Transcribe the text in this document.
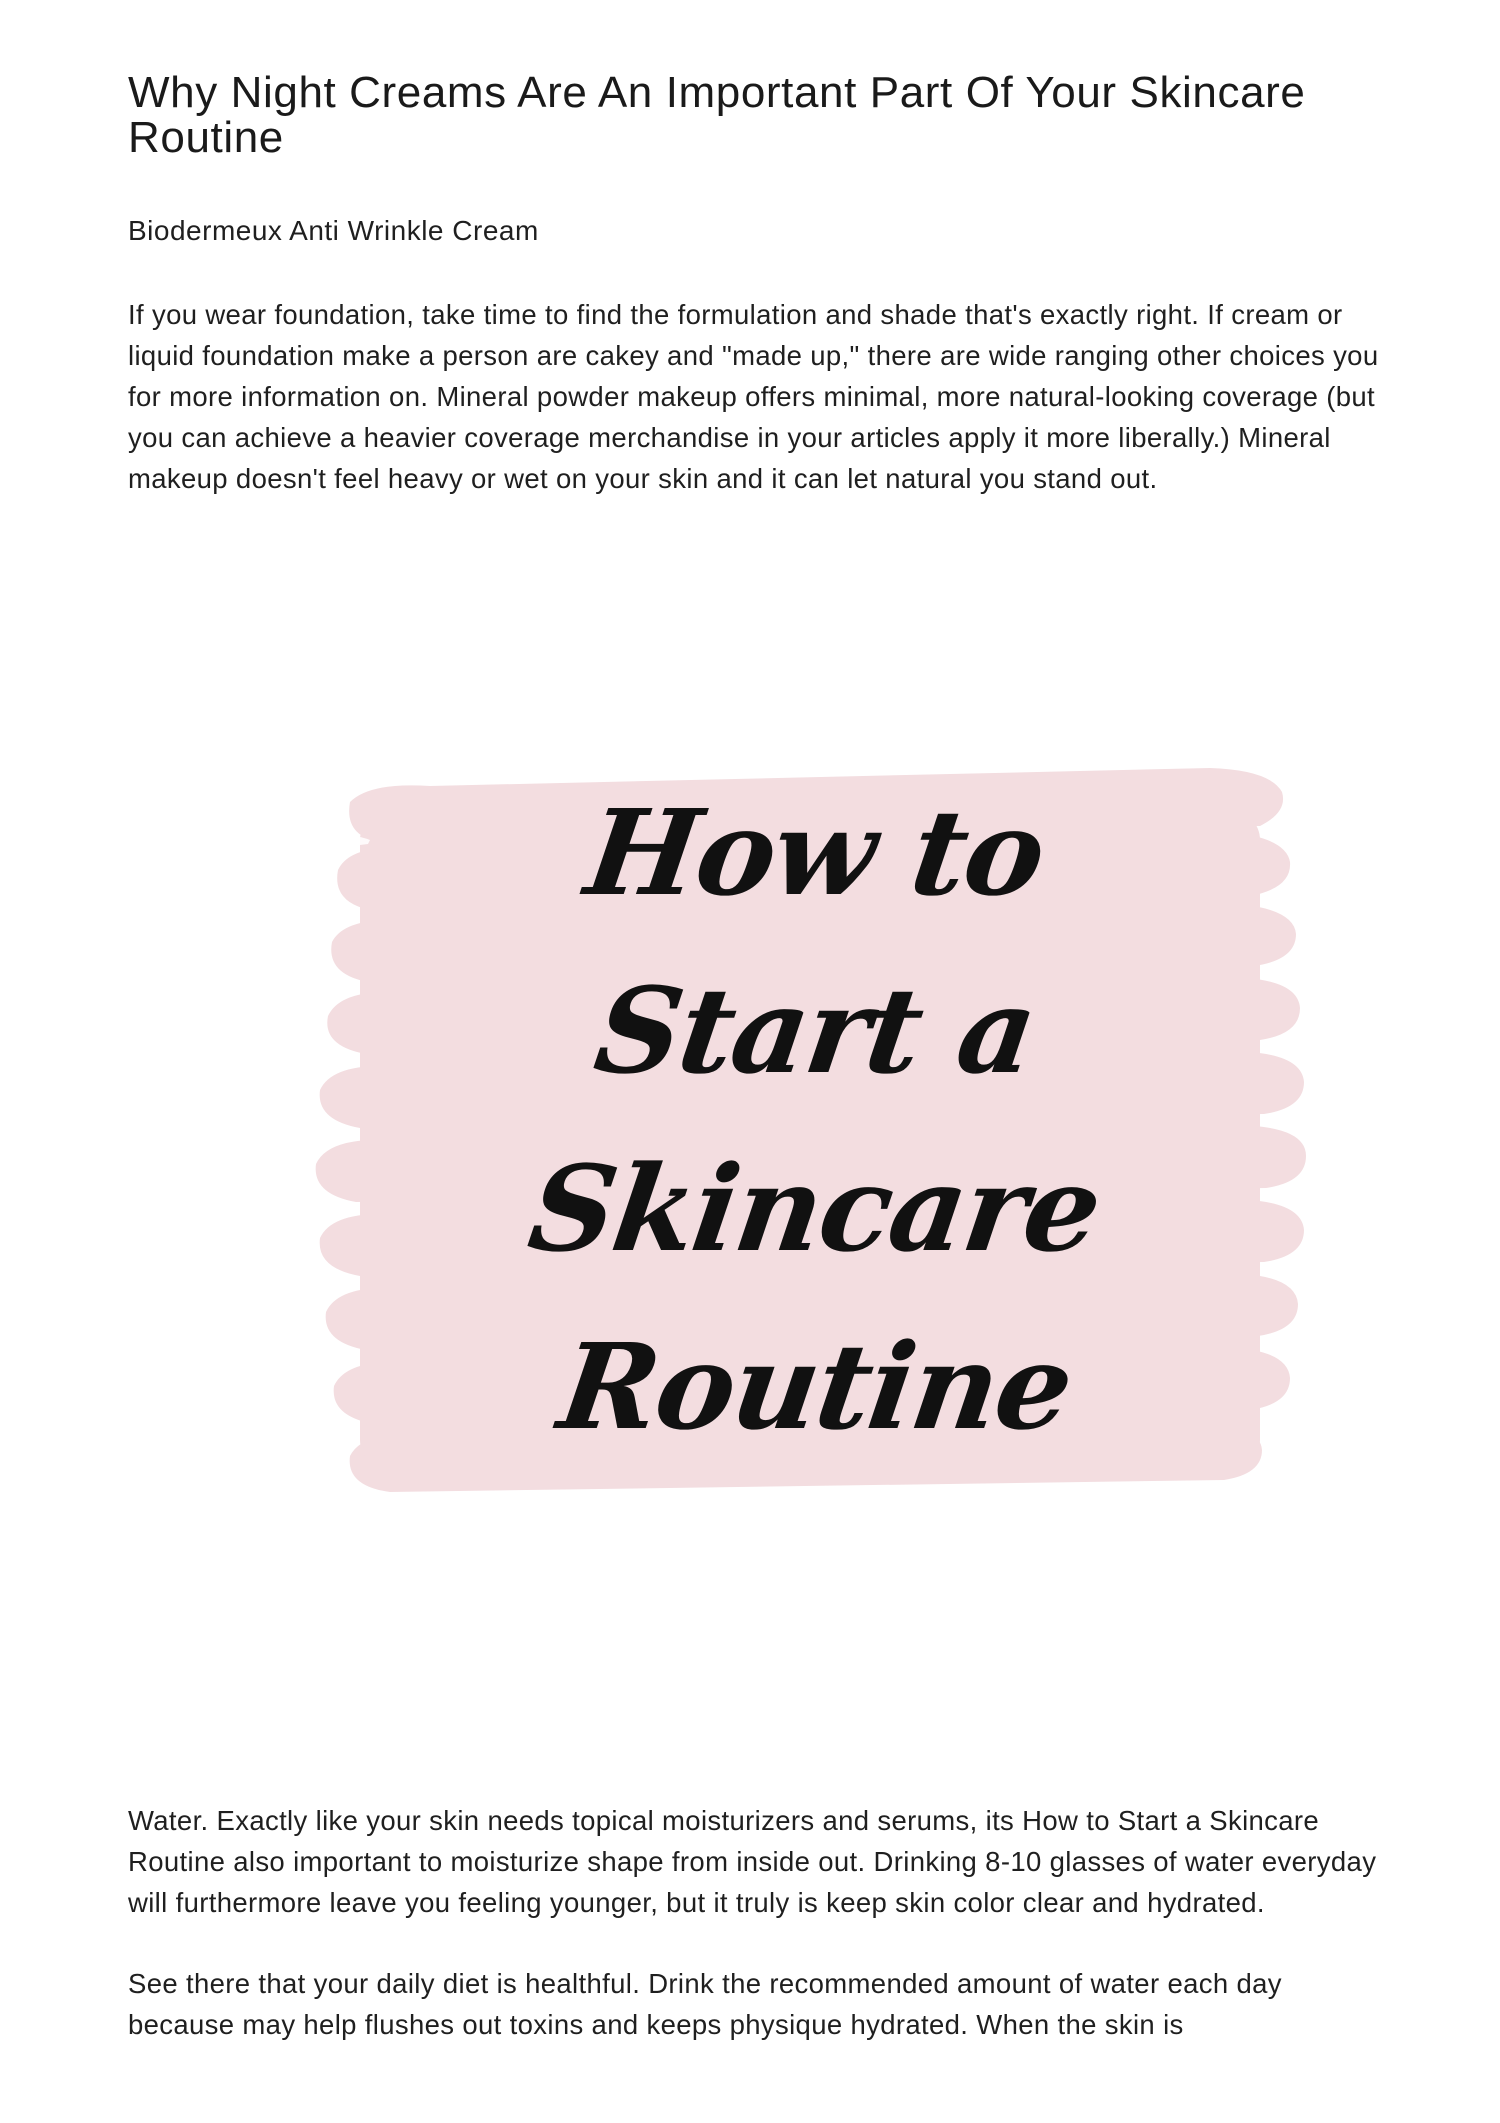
Why Night Creams Are An Important Part Of Your Skincare Routine

Biodermeux Anti Wrinkle Cream

If you wear foundation, take time to find the formulation and shade that's exactly right. If cream or liquid foundation make a person are cakey and "made up," there are wide ranging other choices you for more information on. Mineral powder makeup offers minimal, more natural-looking coverage (but you can achieve a heavier coverage merchandise in your articles apply it more liberally.) Mineral makeup doesn't feel heavy or wet on your skin and it can let natural you stand out.

How to
Start a
Skincare
Routine

Water. Exactly like your skin needs topical moisturizers and serums, its How to Start a Skincare Routine also important to moisturize shape from inside out. Drinking 8-10 glasses of water everyday will furthermore leave you feeling younger, but it truly is keep skin color clear and hydrated.

See there that your daily diet is healthful. Drink the recommended amount of water each day because may help flushes out toxins and keeps physique hydrated. When the skin is
